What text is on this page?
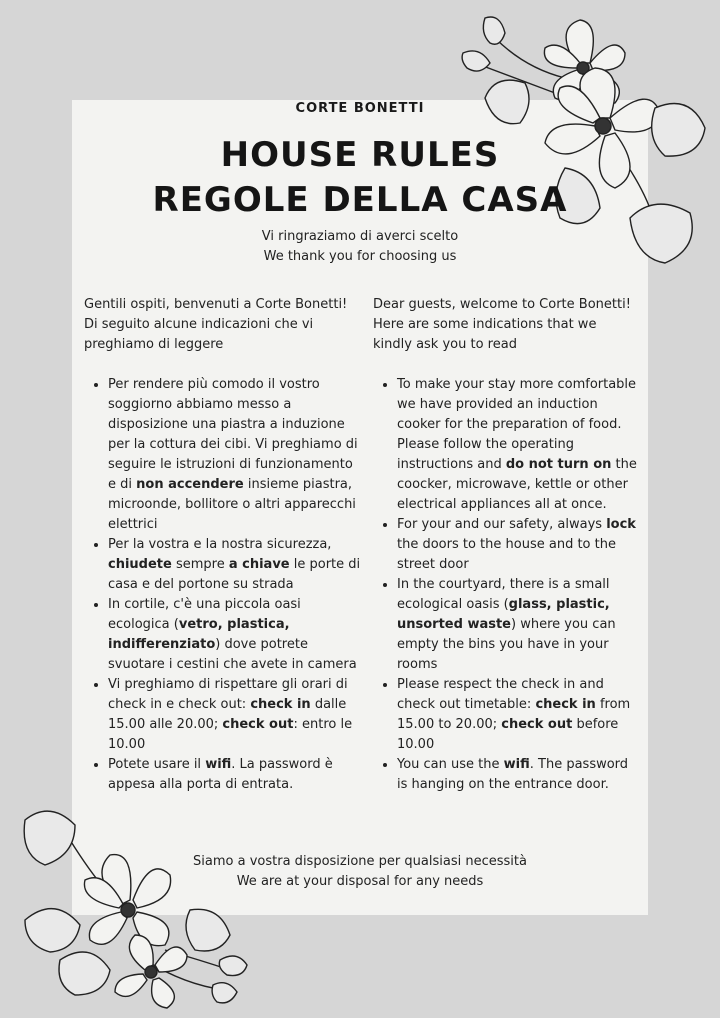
CORTE BONETTI
HOUSE RULES
REGOLE DELLA CASA
Vi ringraziamo di averci scelto
We thank you for choosing us

Gentili ospiti, benvenuti a Corte Bonetti! Di seguito alcune indicazioni che vi preghiamo di leggere

• Per rendere più comodo il vostro soggiorno abbiamo messo a disposizione una piastra a induzione per la cottura dei cibi. Vi preghiamo di seguire le istruzioni di funzionamento e di non accendere insieme piastra, microonde, bollitore o altri apparecchi elettrici
• Per la vostra e la nostra sicurezza, chiudete sempre a chiave le porte di casa e del portone su strada
• In cortile, c'è una piccola oasi ecologica (vetro, plastica, indifferenziato) dove potrete svuotare i cestini che avete in camera
• Vi preghiamo di rispettare gli orari di check in e check out: check in dalle 15.00 alle 20.00; check out: entro le 10.00
• Potete usare il wifi. La password è appesa alla porta di entrata.

Dear guests, welcome to Corte Bonetti! Here are some indications that we kindly ask you to read

• To make your stay more comfortable we have provided an induction cooker for the preparation of food. Please follow the operating instructions and do not turn on the coocker, microwave, kettle or other electrical appliances all at once.
• For your and our safety, always lock the doors to the house and to the street door
• In the courtyard, there is a small ecological oasis (glass, plastic, unsorted waste) where you can empty the bins you have in your rooms
• Please respect the check in and check out timetable: check in from 15.00 to 20.00; check out before 10.00
• You can use the wifi. The password is hanging on the entrance door.
Siamo a vostra disposizione per qualsiasi necessità
We are at your disposal for any needs
